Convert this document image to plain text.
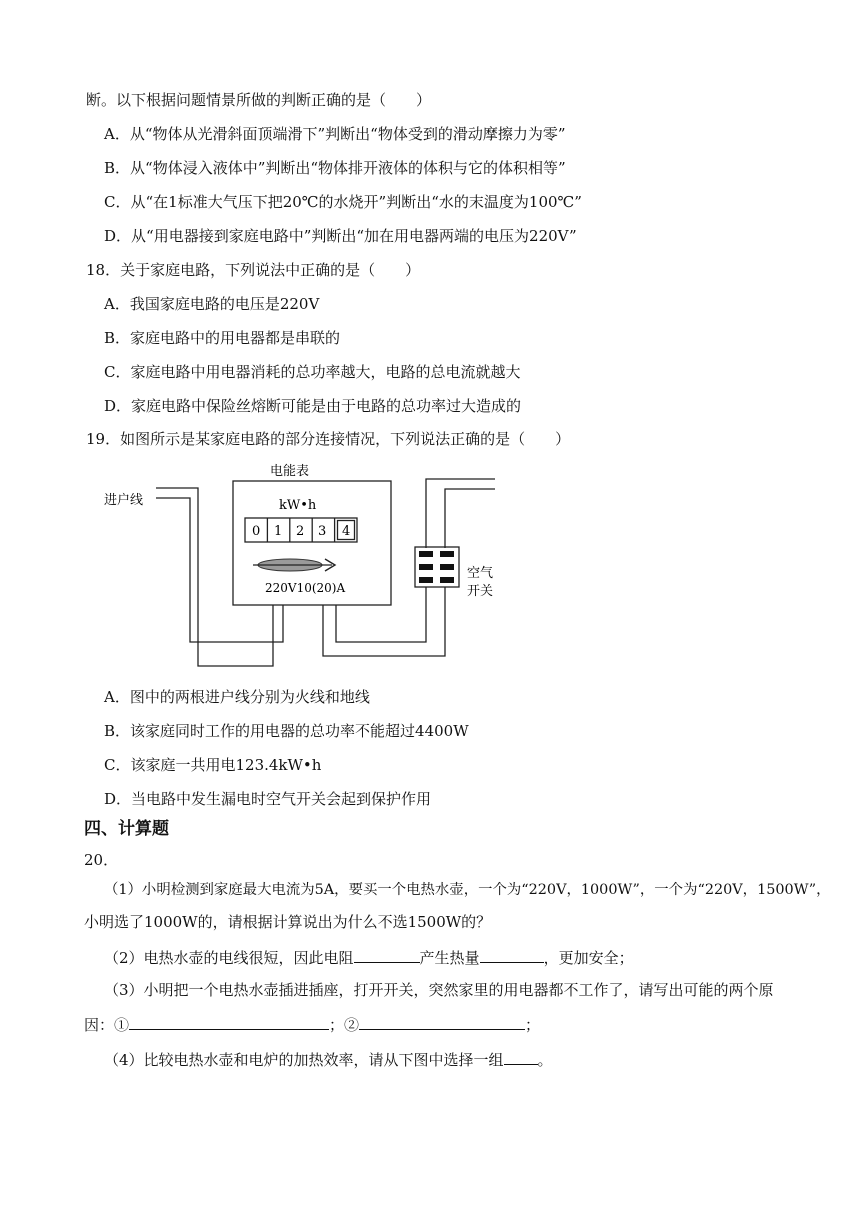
断。以下根据问题情景所做的判断正确的是（　　）
A．从“物体从光滑斜面顶端滑下”判断出“物体受到的滑动摩擦力为零”
B．从“物体浸入液体中”判断出“物体排开液体的体积与它的体积相等”
C．从“在1标准大气压下把20℃的水烧开”判断出“水的末温度为100℃”
D．从“用电器接到家庭电路中”判断出“加在用电器两端的电压为220V”
18．关于家庭电路，下列说法中正确的是（　　）
A．我国家庭电路的电压是220V
B．家庭电路中的用电器都是串联的
C．家庭电路中用电器消耗的总功率越大，电路的总电流就越大
D．家庭电路中保险丝熔断可能是由于电路的总功率过大造成的
19．如图所示是某家庭电路的部分连接情况，下列说法正确的是（　　）
电能表
进户线	kW•h
0 1 2 3 4
220V10(20)A
空气
开关
A．图中的两根进户线分别为火线和地线
B．该家庭同时工作的用电器的总功率不能超过4400W
C．该家庭一共用电123.4kW•h
D．当电路中发生漏电时空气开关会起到保护作用
四、计算题
20．
（1）小明检测到家庭最大电流为5A，要买一个电热水壶，一个为“220V，1000W”，一个为“220V，1500W”，
小明选了1000W的，请根据计算说出为什么不选1500W的？
（2）电热水壶的电线很短，因此电阻	产生热量	，更加安全；
（3）小明把一个电热水壶插进插座，打开开关，突然家里的用电器都不工作了，请写出可能的两个原
因：①	；②	；
（4）比较电热水壶和电炉的加热效率，请从下图中选择一组 。
